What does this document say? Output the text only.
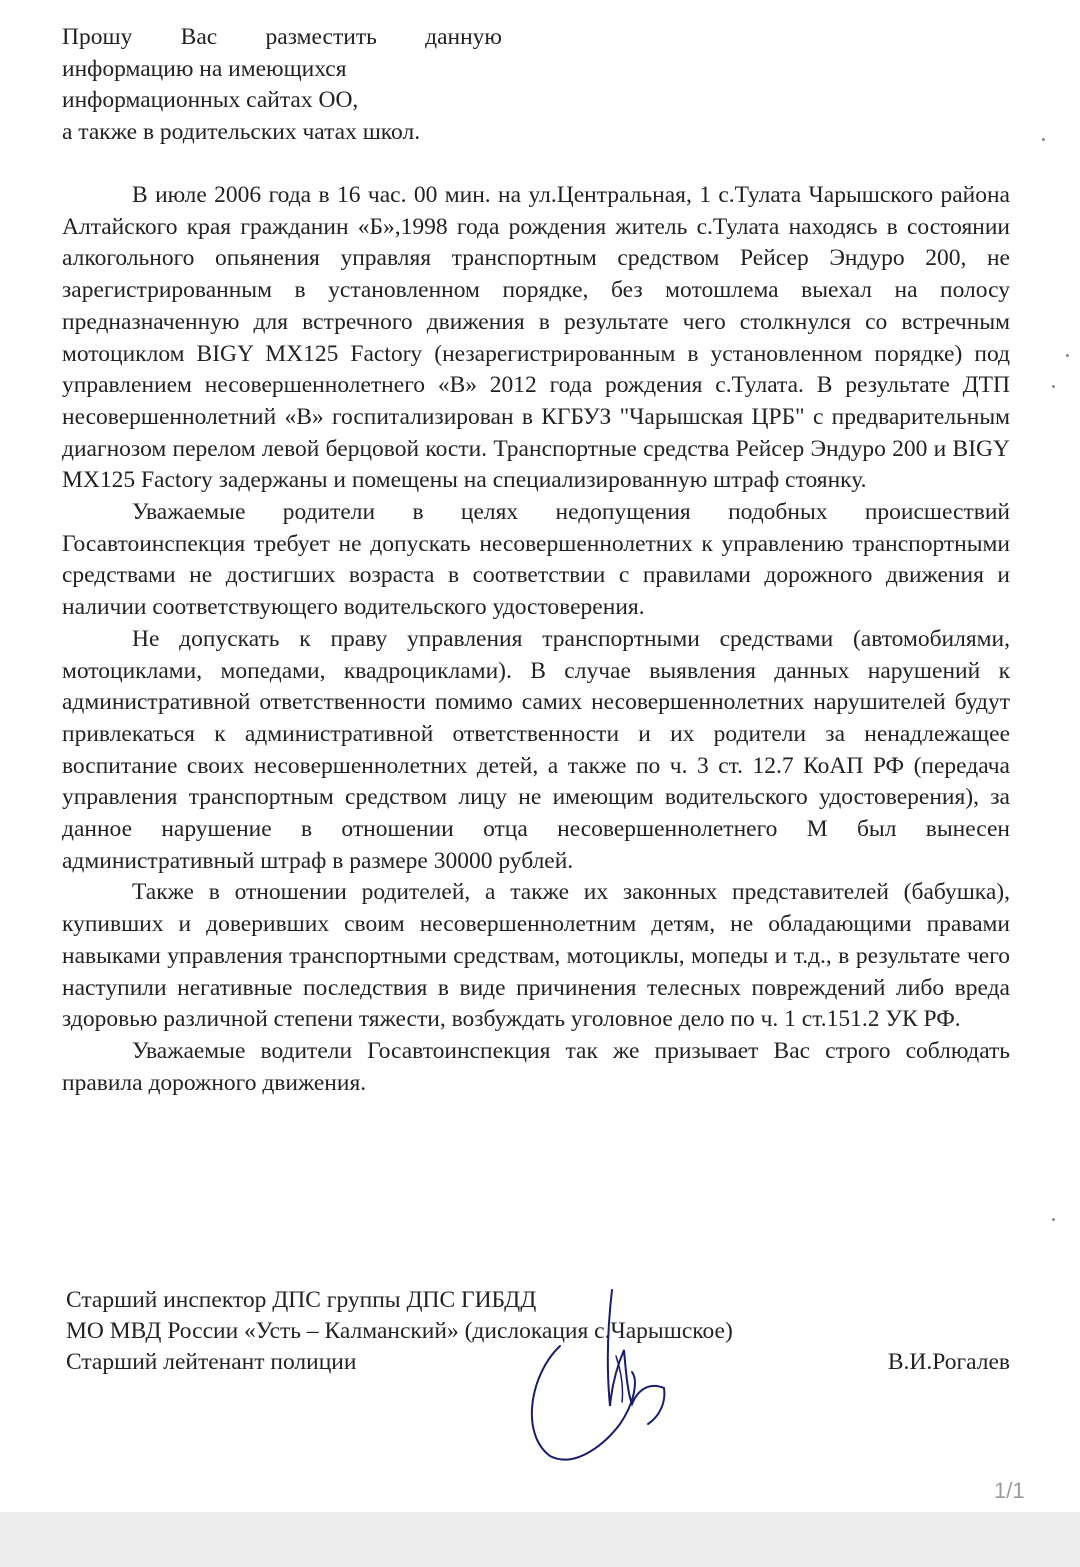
Прошу Вас разместить данную
информацию на имеющихся
информационных сайтах ОО,
а также в родительских чатах школ.

В июле 2006 года в 16 час. 00 мин. на ул.Центральная, 1 с.Тулата Чарышского района Алтайского края гражданин «Б»,1998 года рождения житель с.Тулата находясь в состоянии алкогольного опьянения управляя транспортным средством Рейсер Эндуро 200, не зарегистрированным в установленном порядке, без мотошлема выехал на полосу предназначенную для встречного движения в результате чего столкнулся со встречным мотоциклом BIGY MX125 Factory (незарегистрированным в установленном порядке) под управлением несовершеннолетнего «В» 2012 года рождения с.Тулата. В результате ДТП несовершеннолетний «В» госпитализирован в КГБУЗ "Чарышская ЦРБ" с предварительным диагнозом перелом левой берцовой кости. Транспортные средства Рейсер Эндуро 200 и BIGY MX125 Factory задержаны и помещены на специализированную штраф стоянку.

Уважаемые родители в целях недопущения подобных происшествий Госавтоинспекция требует не допускать несовершеннолетних к управлению транспортными средствами не достигших возраста в соответствии с правилами дорожного движения и наличии соответствующего водительского удостоверения.

Не допускать к праву управления транспортными средствами (автомобилями, мотоциклами, мопедами, квадроциклами). В случае выявления данных нарушений к административной ответственности помимо самих несовершеннолетних нарушителей будут привлекаться к административной ответственности и их родители за ненадлежащее воспитание своих несовершеннолетних детей, а также по ч. 3 ст. 12.7 КоАП РФ (передача управления транспортным средством лицу не имеющим водительского удостоверения), за данное нарушение в отношении отца несовершеннолетнего М был вынесен административный штраф в размере 30000 рублей.

Также в отношении родителей, а также их законных представителей (бабушка), купивших и доверивших своим несовершеннолетним детям, не обладающими правами навыками управления транспортными средствам, мотоциклы, мопеды и т.д., в результате чего наступили негативные последствия в виде причинения телесных повреждений либо вреда здоровью различной степени тяжести, возбуждать уголовное дело по ч. 1 ст.151.2 УК РФ.

Уважаемые водители Госавтоинспекция так же призывает Вас строго соблюдать правила дорожного движения.

Старший инспектор ДПС группы ДПС ГИБДД
МО МВД России «Усть – Калманский» (дислокация с.Чарышское)
Старший лейтенант полиции	В.И.Рогалев
1/1
